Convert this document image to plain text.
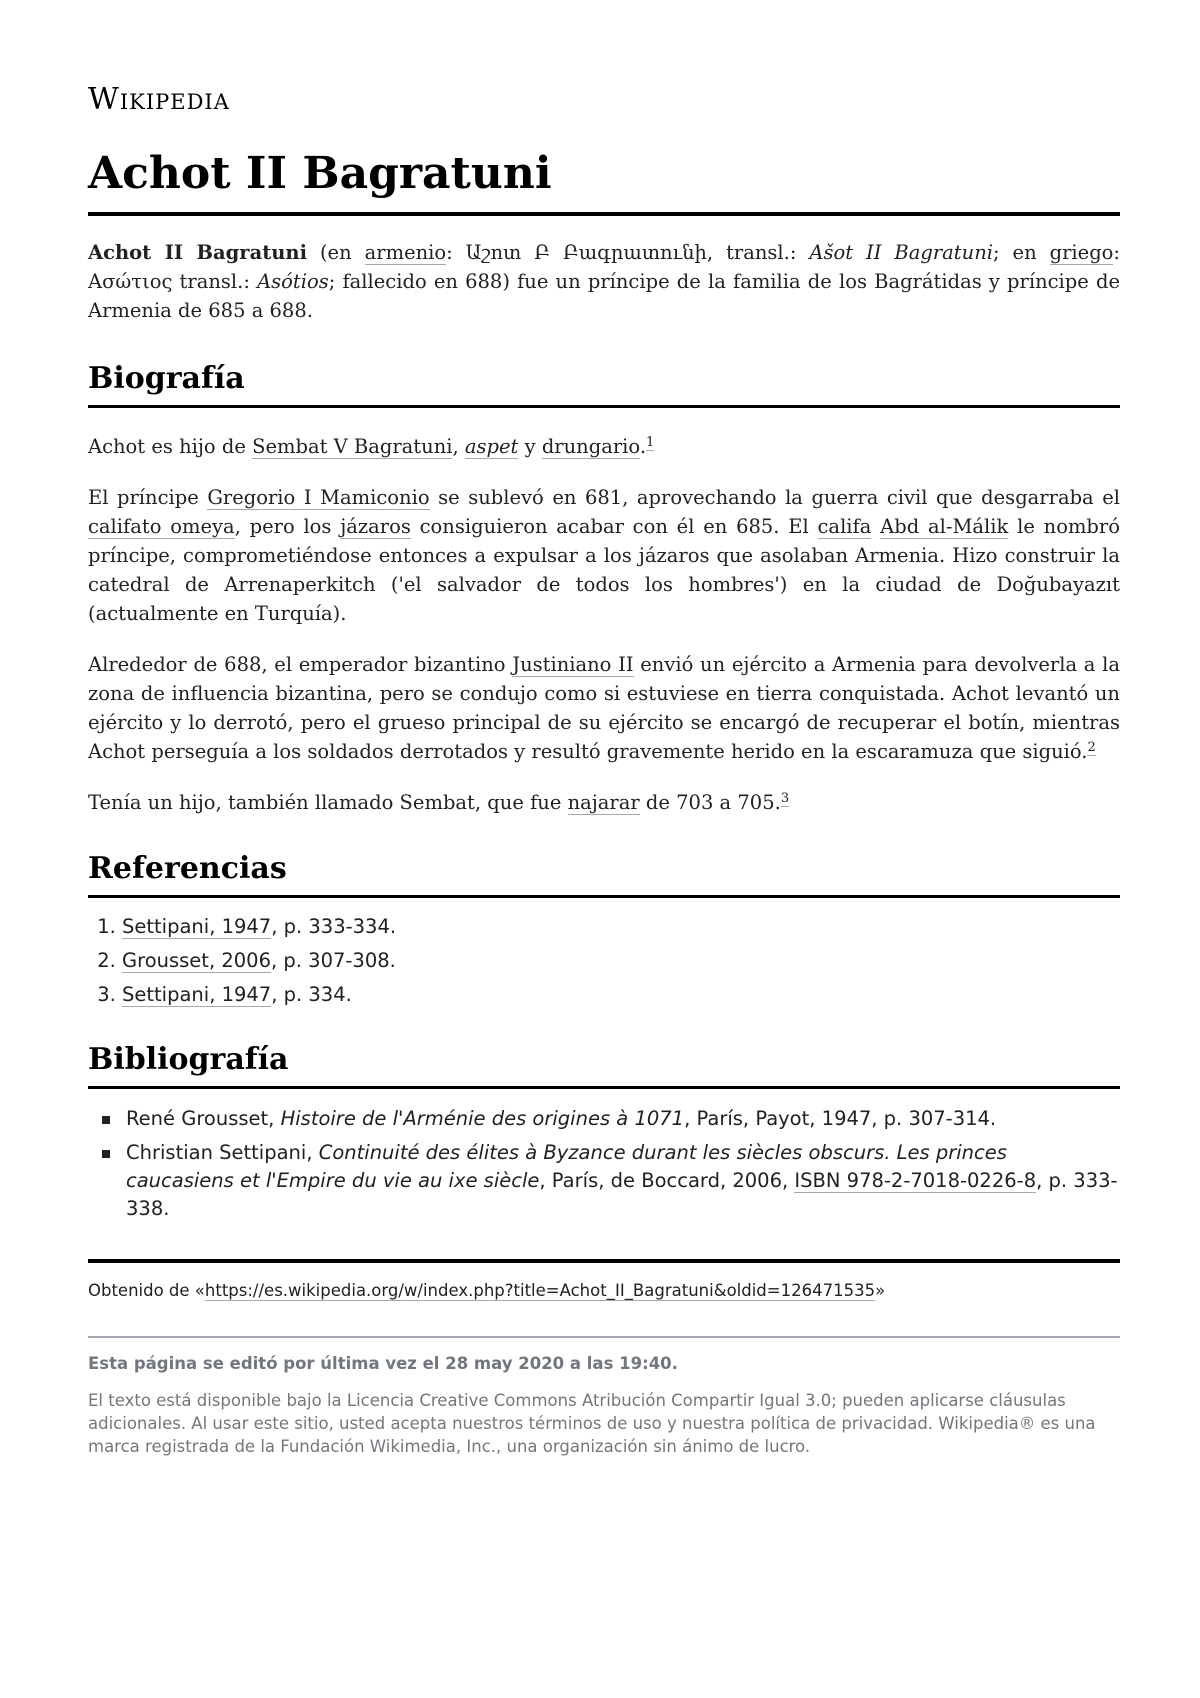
Wikipedia
Achot II Bagratuni

Achot II Bagratuni (en armenio: Աշոտ Բ Բագրատունի, transl.: Ašot II Bagratuni; en griego: Ασώτιος transl.: Asótios; fallecido en 688) fue un príncipe de la familia de los Bagrátidas y príncipe de Armenia de 685 a 688.

Biografía

Achot es hijo de Sembat V Bagratuni, aspet y drungario.$^1$

El príncipe Gregorio I Mamiconio se sublevó en 681, aprovechando la guerra civil que desgarraba el califato omeya, pero los jázaros consiguieron acabar con él en 685. El califa Abd al-Málik le nombró príncipe, comprometiéndose entonces a expulsar a los jázaros que asolaban Armenia. Hizo construir la catedral de Arrenaperkitch ('el salvador de todos los hombres') en la ciudad de Doğubayazıt (actualmente en Turquía).

Alrededor de 688, el emperador bizantino Justiniano II envió un ejército a Armenia para devolverla a la zona de influencia bizantina, pero se condujo como si estuviese en tierra conquistada. Achot levantó un ejército y lo derrotó, pero el grueso principal de su ejército se encargó de recuperar el botín, mientras Achot perseguía a los soldados derrotados y resultó gravemente herido en la escaramuza que siguió.$^2$

Tenía un hijo, también llamado Sembat, que fue najarar de 703 a 705.$^3$

Referencias
1. Settipani, 1947, p. 333-334.
2. Grousset, 2006, p. 307-308.
3. Settipani, 1947, p. 334.
Bibliografía
René Grousset, Histoire de l'Arménie des origines à 1071, París, Payot, 1947, p. 307-314.
Christian Settipani, Continuité des élites à Byzance durant les siècles obscurs. Les princes caucasiens et l'Empire du vie au ixe siècle, París, de Boccard, 2006, ISBN 978-2-7018-0226-8, p. 333-338.
Obtenido de «https://es.wikipedia.org/w/index.php?title=Achot_II_Bagratuni&oldid=126471535»
Esta página se editó por última vez el 28 may 2020 a las 19:40.
El texto está disponible bajo la Licencia Creative Commons Atribución Compartir Igual 3.0; pueden aplicarse cláusulas adicionales. Al usar este sitio, usted acepta nuestros términos de uso y nuestra política de privacidad. Wikipedia® es una marca registrada de la Fundación Wikimedia, Inc., una organización sin ánimo de lucro.
